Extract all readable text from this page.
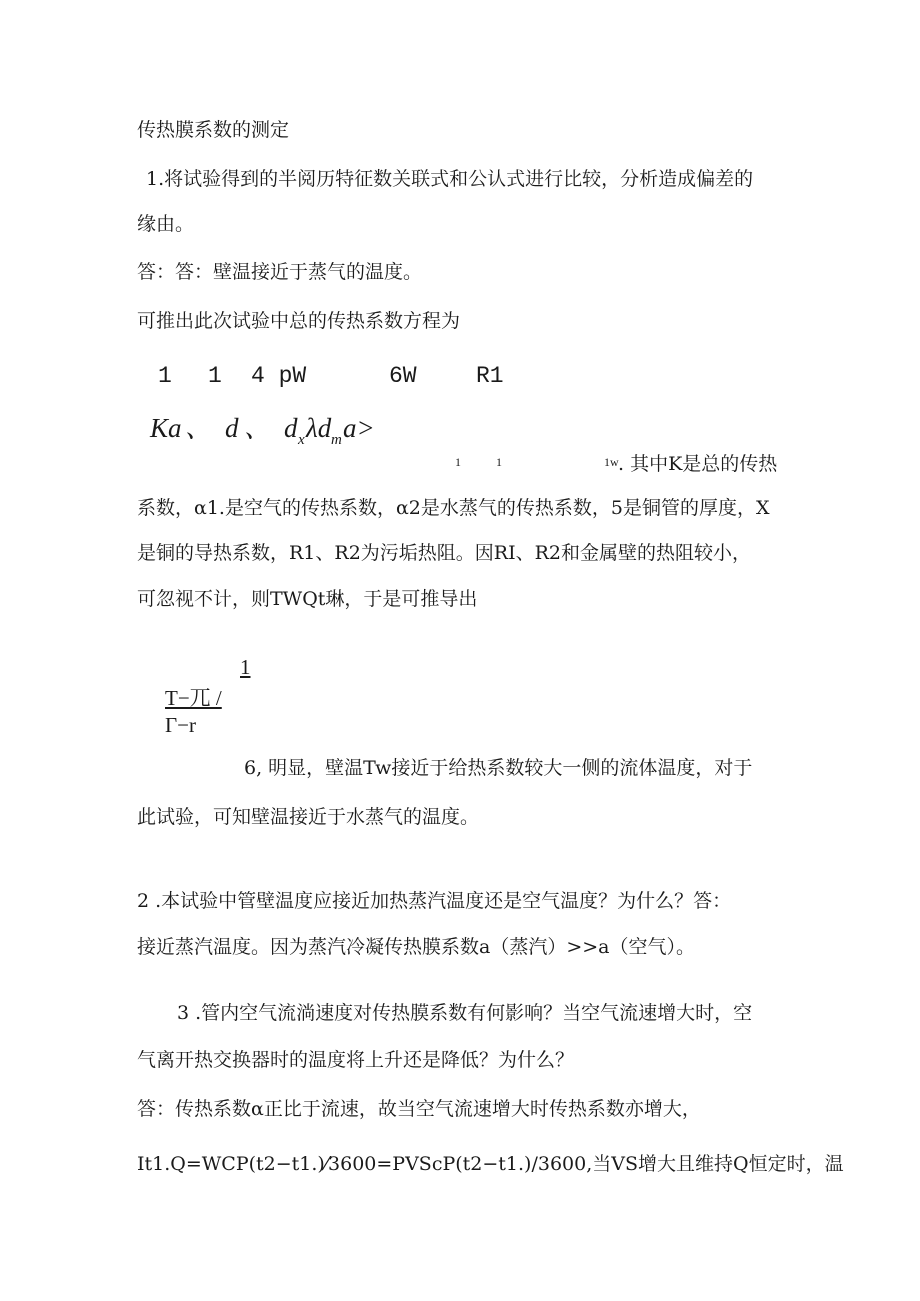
传热膜系数的测定
1.将试验得到的半阅历特征数关联式和公认式进行比较，分析造成偏差的
缘由。
答：答：壁温接近于蒸气的温度。
可推出此次试验中总的传热系数方程为
1 1 4 pW	6W	R1
Ka 、 d 、 d x λd m a>
1	1	1w . 其中K是总的传热
系数，α1.是空气的传热系数，α2是水蒸气的传热系数，5是铜管的厚度，X
是铜的导热系数，R1、R2为污垢热阻。因RI、R2和金属壁的热阻较小，
可忽视不计，则TWQt琳，于是可推导出
1
T−兀 /
Γ−r
6, 明显，壁温Tw接近于给热系数较大一侧的流体温度，对于
此试验，可知壁温接近于水蒸气的温度。
2 .本试验中管壁温度应接近加热蒸汽温度还是空气温度？为什么？答：
接近蒸汽温度。因为蒸汽冷凝传热膜系数a（蒸汽）>>a（空气）。
3 .管内空气流淌速度对传热膜系数有何影响？当空气流速增大时，空
气离开热交换器时的温度将上升还是降低？为什么？
答：传热系数α正比于流速，故当空气流速增大时传热系数亦增大，
It1.Q=WCP(t2−t1.)⁄3600=PVScP(t2−t1.)/3600,当VS增大且维持Q恒定时，温
